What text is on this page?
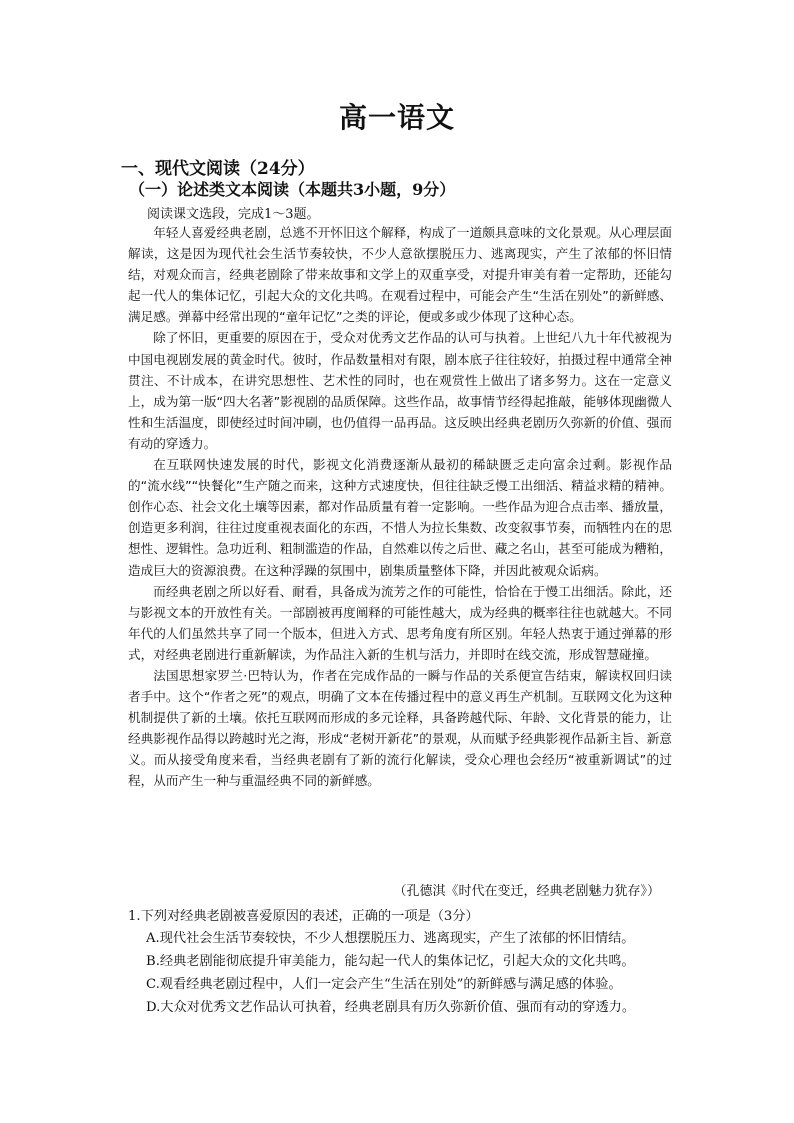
高一语文
一、现代文阅读（24分）
（一）论述类文本阅读（本题共3小题，9分）
阅读课文选段，完成1～3题。

年轻人喜爱经典老剧，总逃不开怀旧这个解释，构成了一道颇具意味的文化景观。从心理层面解读，这是因为现代社会生活节奏较快，不少人意欲摆脱压力、逃离现实，产生了浓郁的怀旧情结，对观众而言，经典老剧除了带来故事和文学上的双重享受，对提升审美有着一定帮助，还能勾起一代人的集体记忆，引起大众的文化共鸣。在观看过程中，可能会产生“生活在别处”的新鲜感、满足感。弹幕中经常出现的“童年记忆”之类的评论，便或多或少体现了这种心态。

除了怀旧，更重要的原因在于，受众对优秀文艺作品的认可与执着。上世纪八九十年代被视为中国电视剧发展的黄金时代。彼时，作品数量相对有限，剧本底子往往较好，拍摄过程中通常全神贯注、不计成本，在讲究思想性、艺术性的同时，也在观赏性上做出了诸多努力。这在一定意义上，成为第一版“四大名著”影视剧的品质保障。这些作品，故事情节经得起推敲，能够体现幽微人性和生活温度，即使经过时间冲刷，也仍值得一品再品。这反映出经典老剧历久弥新的价值、强而有动的穿透力。

在互联网快速发展的时代，影视文化消费逐渐从最初的稀缺匮乏走向富余过剩。影视作品的“流水线”“快餐化”生产随之而来，这种方式速度快，但往往缺乏慢工出细活、精益求精的精神。创作心态、社会文化土壤等因素，都对作品质量有着一定影响。一些作品为迎合点击率、播放量，创造更多利润，往往过度重视表面化的东西，不惜人为拉长集数、改变叙事节奏，而牺牲内在的思想性、逻辑性。急功近利、粗制滥造的作品，自然难以传之后世、藏之名山，甚至可能成为糟粕，造成巨大的资源浪费。在这种浮躁的氛围中，剧集质量整体下降，并因此被观众诟病。

而经典老剧之所以好看、耐看，具备成为流芳之作的可能性，恰恰在于慢工出细活。除此，还与影视文本的开放性有关。一部剧被再度阐释的可能性越大，成为经典的概率往往也就越大。不同年代的人们虽然共享了同一个版本，但进入方式、思考角度有所区别。年轻人热衷于通过弹幕的形式，对经典老剧进行重新解读，为作品注入新的生机与活力，并即时在线交流，形成智慧碰撞。

法国思想家罗兰·巴特认为，作者在完成作品的一瞬与作品的关系便宣告结束，解读权回归读者手中。这个“作者之死”的观点，明确了文本在传播过程中的意义再生产机制。互联网文化为这种机制提供了新的土壤。依托互联网而形成的多元诠释，具备跨越代际、年龄、文化背景的能力，让经典影视作品得以跨越时光之海，形成“老树开新花”的景观，从而赋予经典影视作品新主旨、新意义。而从接受角度来看，当经典老剧有了新的流行化解读，受众心理也会经历“被重新调试”的过程，从而产生一种与重温经典不同的新鲜感。

（孔德淇《时代在变迁，经典老剧魅力犹存》）
1.下列对经典老剧被喜爱原因的表述，正确的一项是（3分）
A.现代社会生活节奏较快，不少人想摆脱压力、逃离现实，产生了浓郁的怀旧情结。
B.经典老剧能彻底提升审美能力，能勾起一代人的集体记忆，引起大众的文化共鸣。
C.观看经典老剧过程中，人们一定会产生“生活在别处”的新鲜感与满足感的体验。
D.大众对优秀文艺作品认可执着，经典老剧具有历久弥新价值、强而有动的穿透力。
